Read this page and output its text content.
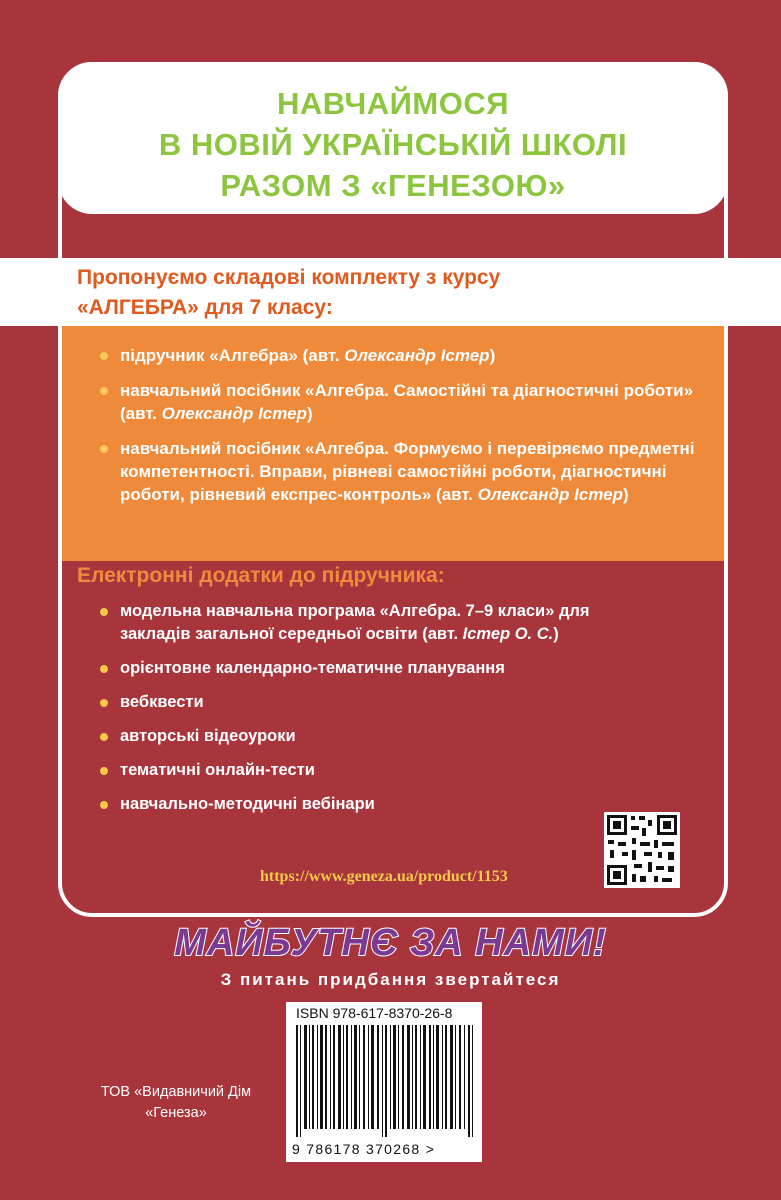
НАВЧАЙМОСЯ
В НОВІЙ УКРАЇНСЬКІЙ ШКОЛІ
РАЗОМ З «ГЕНЕЗОЮ»
Пропонуємо складові комплекту з курсу
«АЛГЕБРА» для 7 класу:
підручник «Алгебра» (авт. Олександр Істер)
навчальний посібник «Алгебра. Самостійні та діагностичні роботи» (авт. Олександр Істер)
навчальний посібник «Алгебра. Формуємо і перевіряємо предметні компетентності. Вправи, рівневі самостійні роботи, діагностичні роботи, рівневий експрес-контроль» (авт. Олександр Істер)
Електронні додатки до підручника:
модельна навчальна програма «Алгебра. 7–9 класи» для закладів загальної середньої освіти (авт. Істер О. С.)
орієнтовне календарно-тематичне планування
вебквести
авторські відеоуроки
тематичні онлайн-тести
навчально-методичні вебінари
https://www.geneza.ua/product/1153
МАЙБУТНЄ ЗА НАМИ!
З питань придбання звертайтеся
ISBN 978-617-8370-26-8
9 786178 370268 >
ТОВ «Видавничий Дім
«Генеза»
